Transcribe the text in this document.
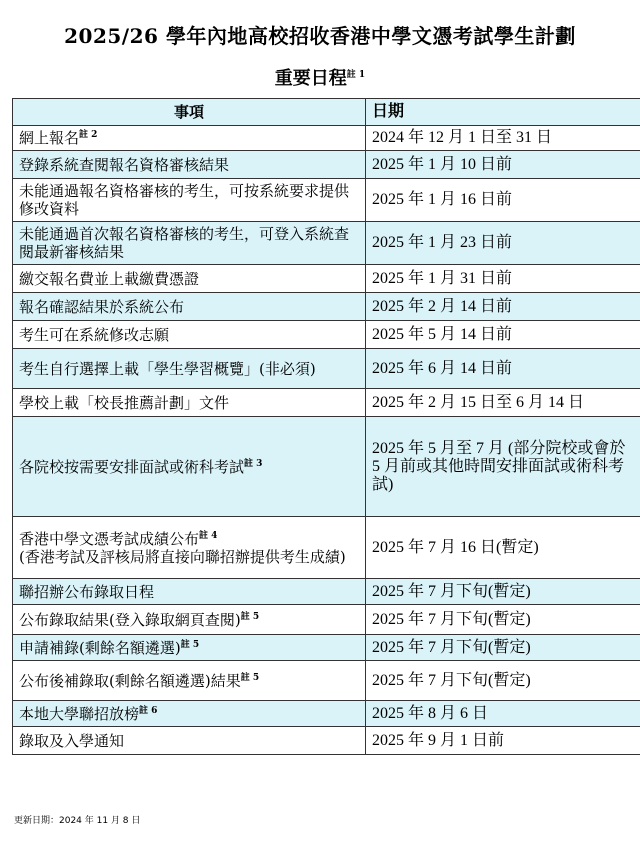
2025/26 學年內地高校招收香港中學文憑考試學生計劃
重要日程$^{註 1}$
事項	日期
網上報名$^{註 2}$	2024 年 12 月 1 日至 31 日
登錄系統查閱報名資格審核結果	2025 年 1 月 10 日前
未能通過報名資格審核的考生，可按系統要求提供修改資料	2025 年 1 月 16 日前
未能通過首次報名資格審核的考生，可登入系統查閱最新審核結果	2025 年 1 月 23 日前
繳交報名費並上載繳費憑證	2025 年 1 月 31 日前
報名確認結果於系統公布	2025 年 2 月 14 日前
考生可在系統修改志願	2025 年 5 月 14 日前
考生自行選擇上載「學生學習概覽」(非必須)	2025 年 6 月 14 日前
學校上載「校長推薦計劃」文件	2025 年 2 月 15 日至 6 月 14 日
各院校按需要安排面試或術科考試$^{註 3}$	2025 年 5 月至 7 月 (部分院校或會於 5 月前或其他時間安排面試或術科考試)
香港中學文憑考試成績公布$^{註 4}$
(香港考試及評核局將直接向聯招辦提供考生成績)	2025 年 7 月 16 日(暫定)
聯招辦公布錄取日程	2025 年 7 月下旬(暫定)
公布錄取結果(登入錄取網頁查閱)$^{註 5}$	2025 年 7 月下旬(暫定)
申請補錄(剩餘名額遴選)$^{註 5}$	2025 年 7 月下旬(暫定)
公布後補錄取(剩餘名額遴選)結果$^{註 5}$	2025 年 7 月下旬(暫定)
本地大學聯招放榜$^{註 6}$	2025 年 8 月 6 日
錄取及入學通知	2025 年 9 月 1 日前
更新日期：2024 年 11 月 8 日
